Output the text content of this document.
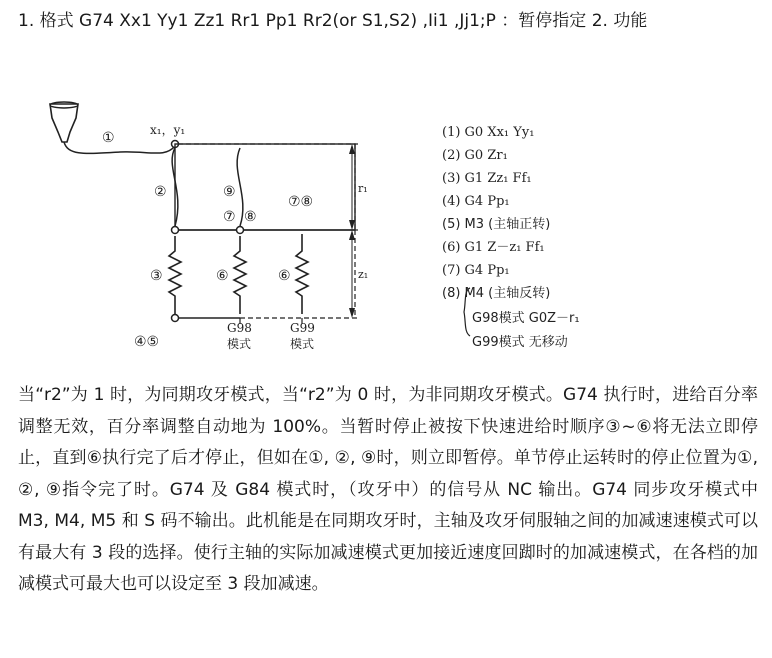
1. 格式 G74 Xx1 Yy1 Zz1 Rr1 Pp1 Rr2(or S1,S2) ,Ii1 ,Jj1;P ：暂停指定 2. 功能
①	x₁，y₁
②	⑨
⑦ ⑧
⑦⑧
r₁
z₁
③	⑥	⑥
④⑤
G98	G99
模式	模式
(1) G0 Xx₁ Yy₁
(2) G0 Zr₁
(3) G1 Zz₁ Ff₁
(4) G4 Pp₁
(5) M3 (主轴正转)
(6) G1 Z－z₁ Ff₁
(7) G4 Pp₁
(8) M4 (主轴反转)
G98模式 G0Z－r₁
G99模式 无移动
当“r2”为 1 时，为同期攻牙模式，当“r2”为 0 时，为非同期攻牙模式。G74 执行时，进给百分率调整无效，百分率调整自动地为 100%。当暂时停止被按下快速进给时顺序③~⑥将无法立即停止，直到⑥执行完了后才停止，但如在①, ②, ⑨时，则立即暂停。单节停止运转时的停止位置为①, ②, ⑨指令完了时。G74 及 G84 模式时，（攻牙中）的信号从 NC 输出。G74 同步攻牙模式中 M3, M4, M5 和 S 码不输出。此机能是在同期攻牙时，主轴及攻牙伺服轴之间的加减速速模式可以有最大有 3 段的选择。使行主轴的实际加减速模式更加接近速度回踋时的加减速模式，在各档的加减模式可最大也可以设定至 3 段加减速。
